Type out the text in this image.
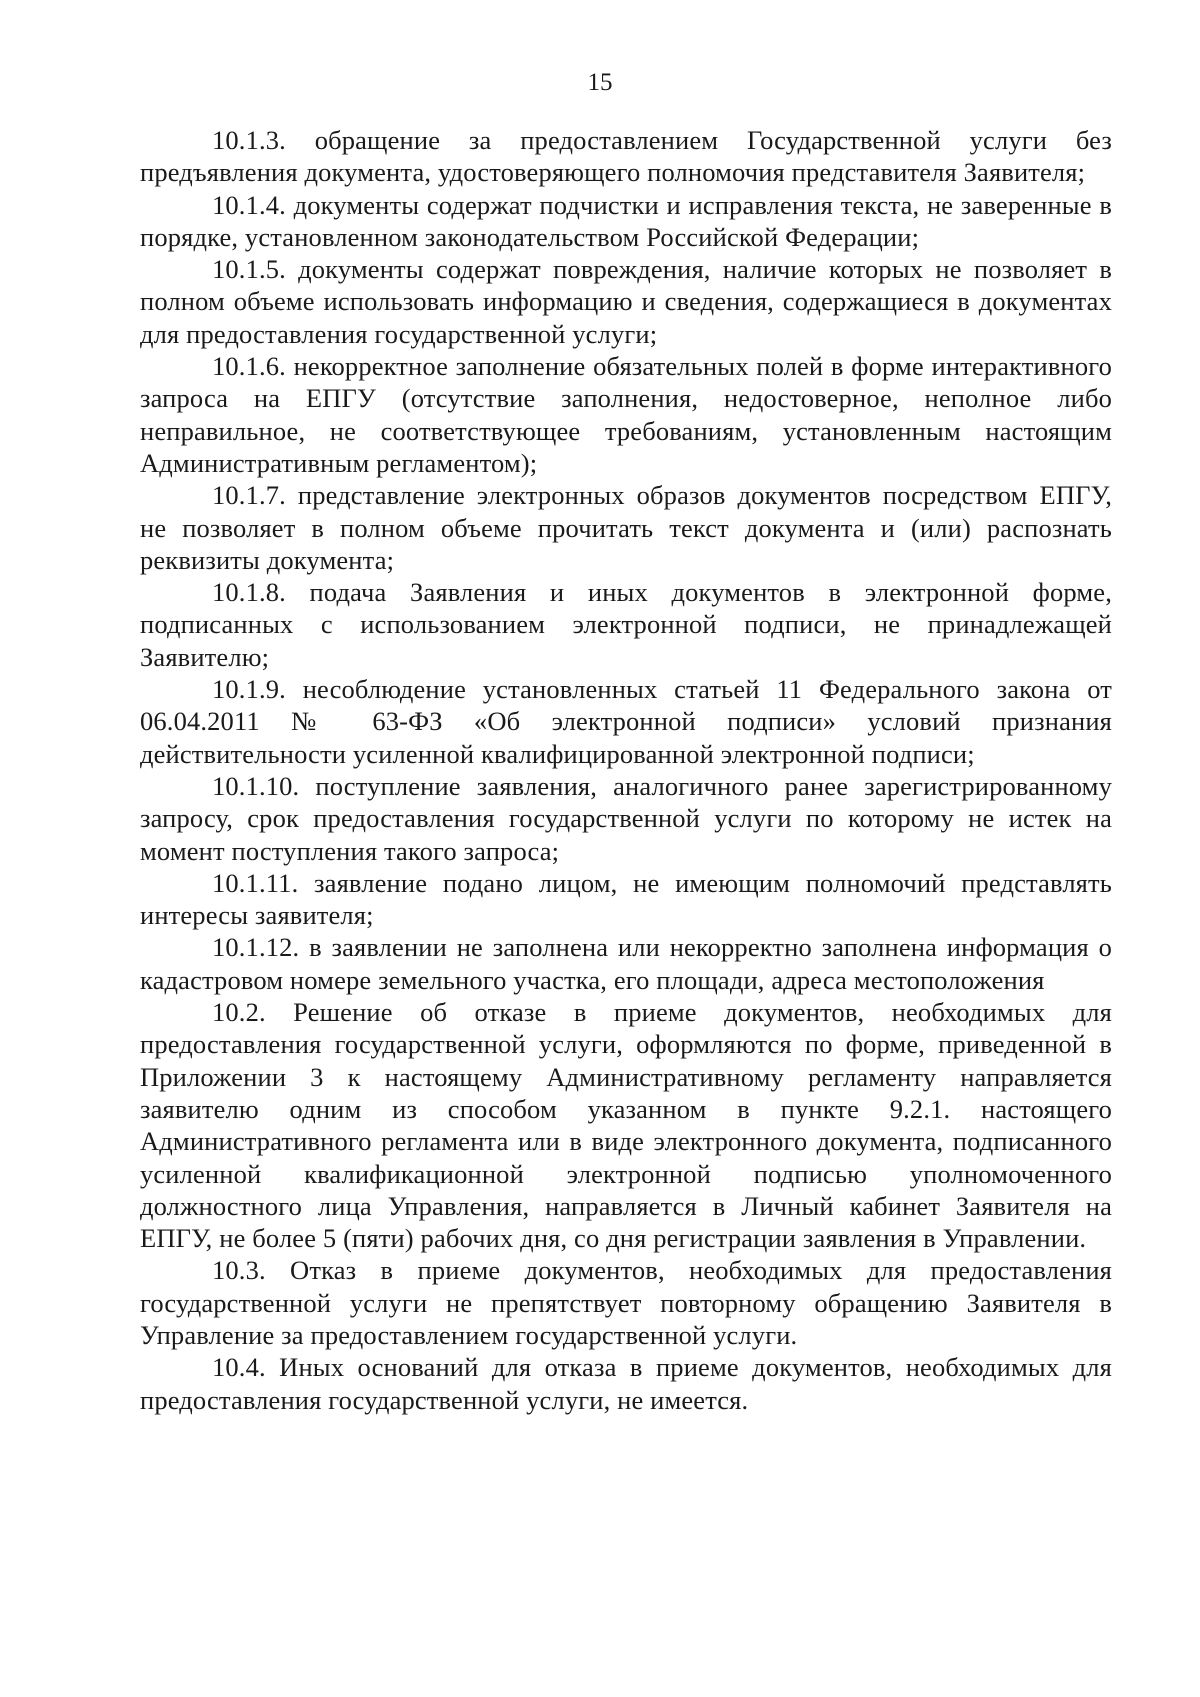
15

10.1.3. обращение за предоставлением Государственной услуги без предъявления документа, удостоверяющего полномочия представителя Заявителя;

10.1.4. документы содержат подчистки и исправления текста, не заверенные в порядке, установленном законодательством Российской Федерации;

10.1.5. документы содержат повреждения, наличие которых не позволяет в полном объеме использовать информацию и сведения, содержащиеся в документах для предоставления государственной услуги;

10.1.6. некорректное заполнение обязательных полей в форме интерактивного запроса на ЕПГУ (отсутствие заполнения, недостоверное, неполное либо неправильное, не соответствующее требованиям, установленным настоящим Административным регламентом);

10.1.7. представление электронных образов документов посредством ЕПГУ, не позволяет в полном объеме прочитать текст документа и (или) распознать реквизиты документа;

10.1.8. подача Заявления и иных документов в электронной форме, подписанных с использованием электронной подписи, не принадлежащей Заявителю;

10.1.9. несоблюдение установленных статьей 11 Федерального закона от 06.04.2011 № 63-ФЗ «Об электронной подписи» условий признания действительности усиленной квалифицированной электронной подписи;

10.1.10. поступление заявления, аналогичного ранее зарегистрированному запросу, срок предоставления государственной услуги по которому не истек на момент поступления такого запроса;

10.1.11. заявление подано лицом, не имеющим полномочий представлять интересы заявителя;

10.1.12. в заявлении не заполнена или некорректно заполнена информация о кадастровом номере земельного участка, его площади, адреса местоположения

10.2. Решение об отказе в приеме документов, необходимых для предоставления государственной услуги, оформляются по форме, приведенной в Приложении 3 к настоящему Административному регламенту направляется заявителю одним из способом указанном в пункте 9.2.1. настоящего Административного регламента или в виде электронного документа, подписанного усиленной квалификационной электронной подписью уполномоченного должностного лица Управления, направляется в Личный кабинет Заявителя на ЕПГУ, не более 5 (пяти) рабочих дня, со дня регистрации заявления в Управлении.

10.3. Отказ в приеме документов, необходимых для предоставления государственной услуги не препятствует повторному обращению Заявителя в Управление за предоставлением государственной услуги.

10.4. Иных оснований для отказа в приеме документов, необходимых для предоставления государственной услуги, не имеется.
